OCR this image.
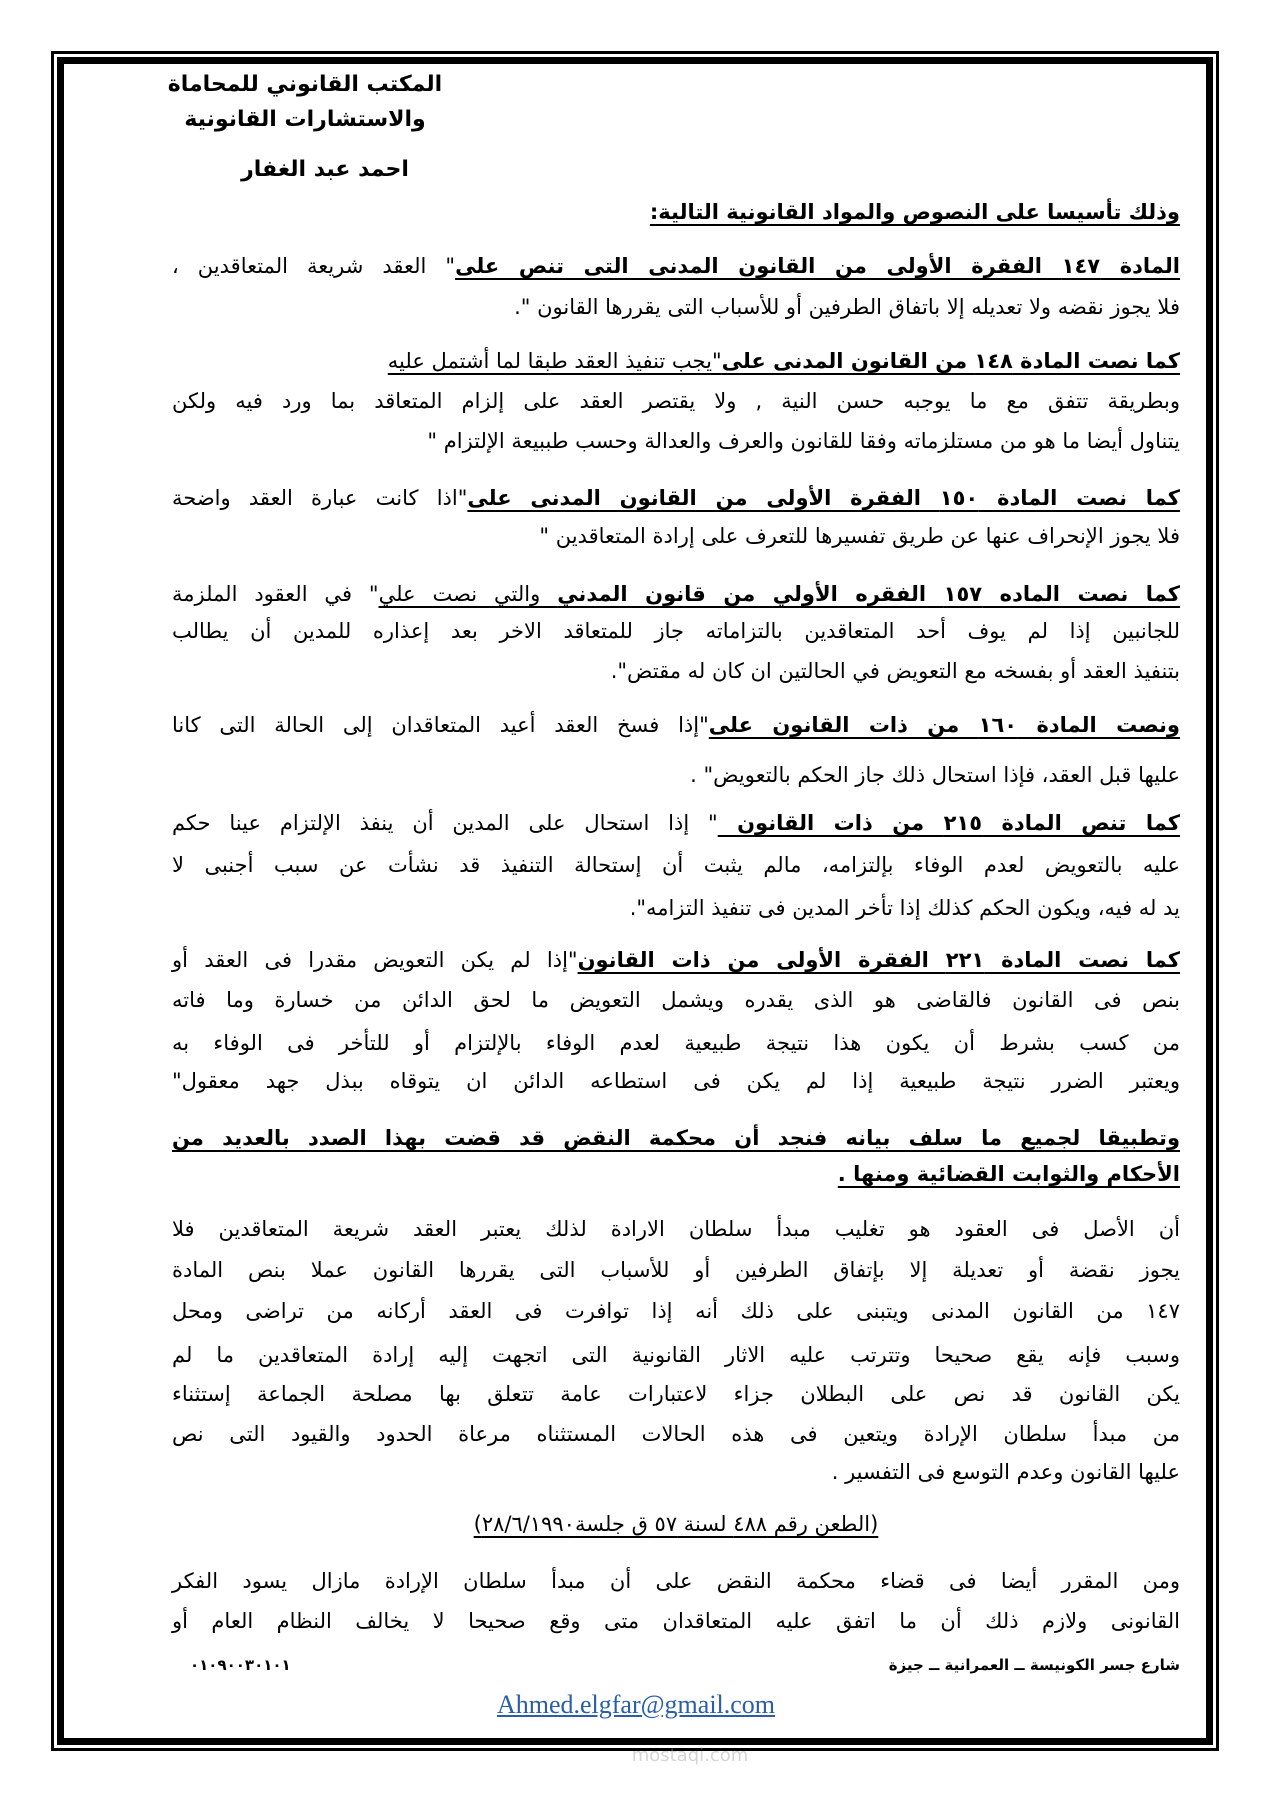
المكتب القانوني للمحاماة
والاستشارات القانونية
احمد عبد الغفار
وذلك تأسيسا على النصوص والمواد القانونية التالية:
المادة ١٤٧ الفقرة الأولى من القانون المدنى التى تنص على" العقد شريعة المتعاقدين ،
فلا يجوز نقضه ولا تعديله إلا باتفاق الطرفين أو للأسباب التى يقررها القانون ".
كما نصت المادة ١٤٨ من القانون المدنى على"يجب تنفيذ العقد طبقا لما أشتمل عليه
وبطريقة تتفق مع ما يوجبه حسن النية , ولا يقتصر العقد على إلزام المتعاقد بما ورد فيه ولكن
يتناول أيضا ما هو من مستلزماته وفقا للقانون والعرف والعدالة وحسب طببيعة الإلتزام "
كما نصت المادة ١٥٠ الفقرة الأولى من القانون المدنى على"اذا كانت عبارة العقد واضحة
فلا يجوز الإنحراف عنها عن طريق تفسيرها للتعرف على إرادة المتعاقدين "
كما نصت الماده ١٥٧ الفقره الأولي من قانون المدني والتي نصت علي" في العقود الملزمة
للجانبين إذا لم يوف أحد المتعاقدين بالتزاماته جاز للمتعاقد الاخر بعد إعذاره للمدين أن يطالب
بتنفيذ العقد أو بفسخه مع التعويض في الحالتين ان كان له مقتض".
ونصت المادة ١٦٠ من ذات القانون على"إذا فسخ العقد أعيد المتعاقدان إلى الحالة التى كانا
عليها قبل العقد، فإذا استحال ذلك جاز الحكم بالتعويض" .
كما تنص المادة ٢١٥ من ذات القانون " إذا استحال على المدين أن ينفذ الإلتزام عينا حكم
عليه بالتعويض لعدم الوفاء بإلتزامه، مالم يثبت أن إستحالة التنفيذ قد نشأت عن سبب أجنبى لا
يد له فيه، ويكون الحكم كذلك إذا تأخر المدين فى تنفيذ التزامه".
كما نصت المادة ٢٢١ الفقرة الأولى من ذات القانون"إذا لم يكن التعويض مقدرا فى العقد أو
بنص فى القانون فالقاضى هو الذى يقدره ويشمل التعويض ما لحق الدائن من خسارة وما فاته
من كسب بشرط أن يكون هذا نتيجة طبيعية لعدم الوفاء بالإلتزام أو للتأخر فى الوفاء به
ويعتبر الضرر نتيجة طبيعية إذا لم يكن فى استطاعه الدائن ان يتوقاه ببذل جهد معقول"
وتطبيقا لجميع ما سلف بيانه فنجد أن محكمة النقض قد قضت بهذا الصدد بالعديد من
الأحكام والثوابت القضائية ومنها .
أن الأصل فى العقود هو تغليب مبدأ سلطان الارادة لذلك يعتبر العقد شريعة المتعاقدين فلا
يجوز نقضة أو تعديلة إلا بإتفاق الطرفين أو للأسباب التى يقررها القانون عملا بنص المادة
١٤٧ من القانون المدنى ويتبنى على ذلك أنه إذا توافرت فى العقد أركانه من تراضى ومحل
وسبب فإنه يقع صحيحا وتترتب عليه الاثار القانونية التى اتجهت إليه إرادة المتعاقدين ما لم
يكن القانون قد نص على البطلان جزاء لاعتبارات عامة تتعلق بها مصلحة الجماعة إستثناء
من مبدأ سلطان الإرادة ويتعين فى هذه الحالات المستثناه مرعاة الحدود والقيود التى نص
عليها القانون وعدم التوسع فى التفسير .
ومن المقرر أيضا فى قضاء محكمة النقض على أن مبدأ سلطان الإرادة مازال يسود الفكر
القانونى ولازم ذلك أن ما اتفق عليه المتعاقدان متى وقع صحيحا لا يخالف النظام العام أو
(الطعن رقم ٤٨٨ لسنة ٥٧ ق جلسة٢٨/٦/١٩٩٠)
شارع جسر الكونيسة ــ العمرانية ــ جيزة
٠١٠٩٠٠٣٠١٠١
Ahmed.elgfar@gmail.com
mostaqi.com
